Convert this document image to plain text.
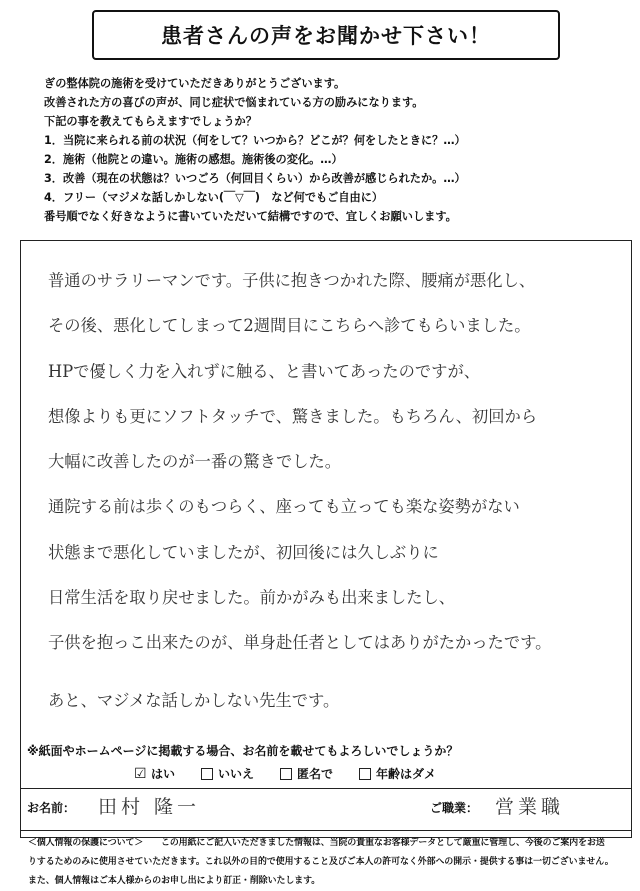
患者さんの声をお聞かせ下さい！
ぎの整体院の施術を受けていただきありがとうございます。
改善された方の喜びの声が、同じ症状で悩まれている方の励みになります。
下記の事を教えてもらえますでしょうか？
1．当院に来られる前の状況（何をして？いつから？どこが？何をしたときに？…）
2．施術（他院との違い。施術の感想。施術後の変化。…）
3．改善（現在の状態は？いつごろ（何回目くらい）から改善が感じられたか。…）
4．フリー（マジメな話しかしない(￣▽￣)　など何でもご自由に）
番号順でなく好きなように書いていただいて結構ですので、宜しくお願いします。
普通のサラリーマンです。子供に抱きつかれた際、腰痛が悪化し、
その後、悪化してしまって2週間目にこちらへ診てもらいました。
HPで優しく力を入れずに触る、と書いてあったのですが、
想像よりも更にソフトタッチで、驚きました。もちろん、初回から
大幅に改善したのが一番の驚きでした。
通院する前は歩くのもつらく、座っても立っても楽な姿勢がない
状態まで悪化していましたが、初回後には久しぶりに
日常生活を取り戻せました。前かがみも出来ましたし、
子供を抱っこ出来たのが、単身赴任者としてはありがたかったです。
あと、マジメな話しかしない先生です。
※紙面やホームページに掲載する場合、お名前を載せてもよろしいでしょうか？
☑ はい	いいえ	匿名で	年齢はダメ
お名前： 田村 隆一	ご職業： 営業職
＜個人情報の保護について＞　　この用紙にご記入いただきました情報は、当院の貴重なお客様データとして厳重に管理し、今後のご案内をお送
りするためのみに使用させていただきます。これ以外の目的で使用すること及びご本人の許可なく外部への開示・提供する事は一切ございません。
また、個人情報はご本人様からのお申し出により訂正・削除いたします。
